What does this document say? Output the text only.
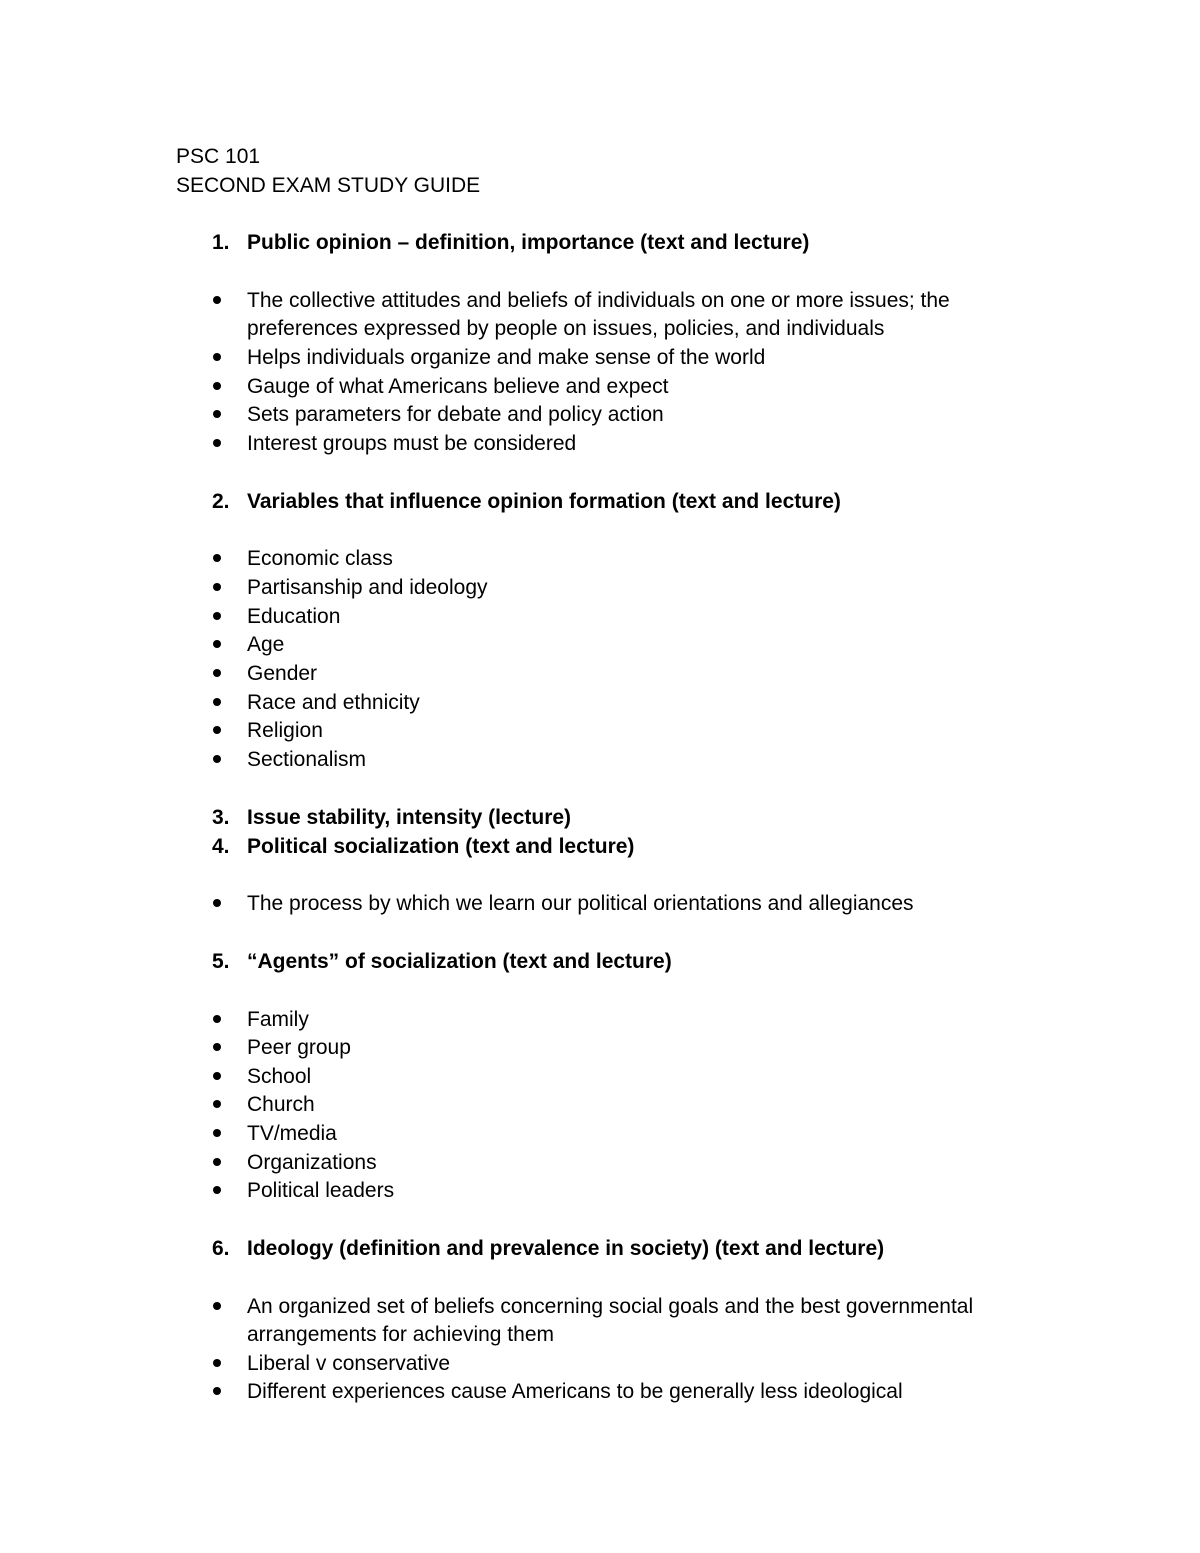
PSC 101
SECOND EXAM STUDY GUIDE
1. Public opinion – definition, importance (text and lecture)
The collective attitudes and beliefs of individuals on one or more issues; the
preferences expressed by people on issues, policies, and individuals
Helps individuals organize and make sense of the world
Gauge of what Americans believe and expect
Sets parameters for debate and policy action
Interest groups must be considered
2. Variables that influence opinion formation (text and lecture)
Economic class
Partisanship and ideology
Education
Age
Gender
Race and ethnicity
Religion
Sectionalism
3. Issue stability, intensity (lecture)
4. Political socialization (text and lecture)
The process by which we learn our political orientations and allegiances
5. “Agents” of socialization (text and lecture)
Family
Peer group
School
Church
TV/media
Organizations
Political leaders
6. Ideology (definition and prevalence in society) (text and lecture)
An organized set of beliefs concerning social goals and the best governmental
arrangements for achieving them
Liberal v conservative
Different experiences cause Americans to be generally less ideological
